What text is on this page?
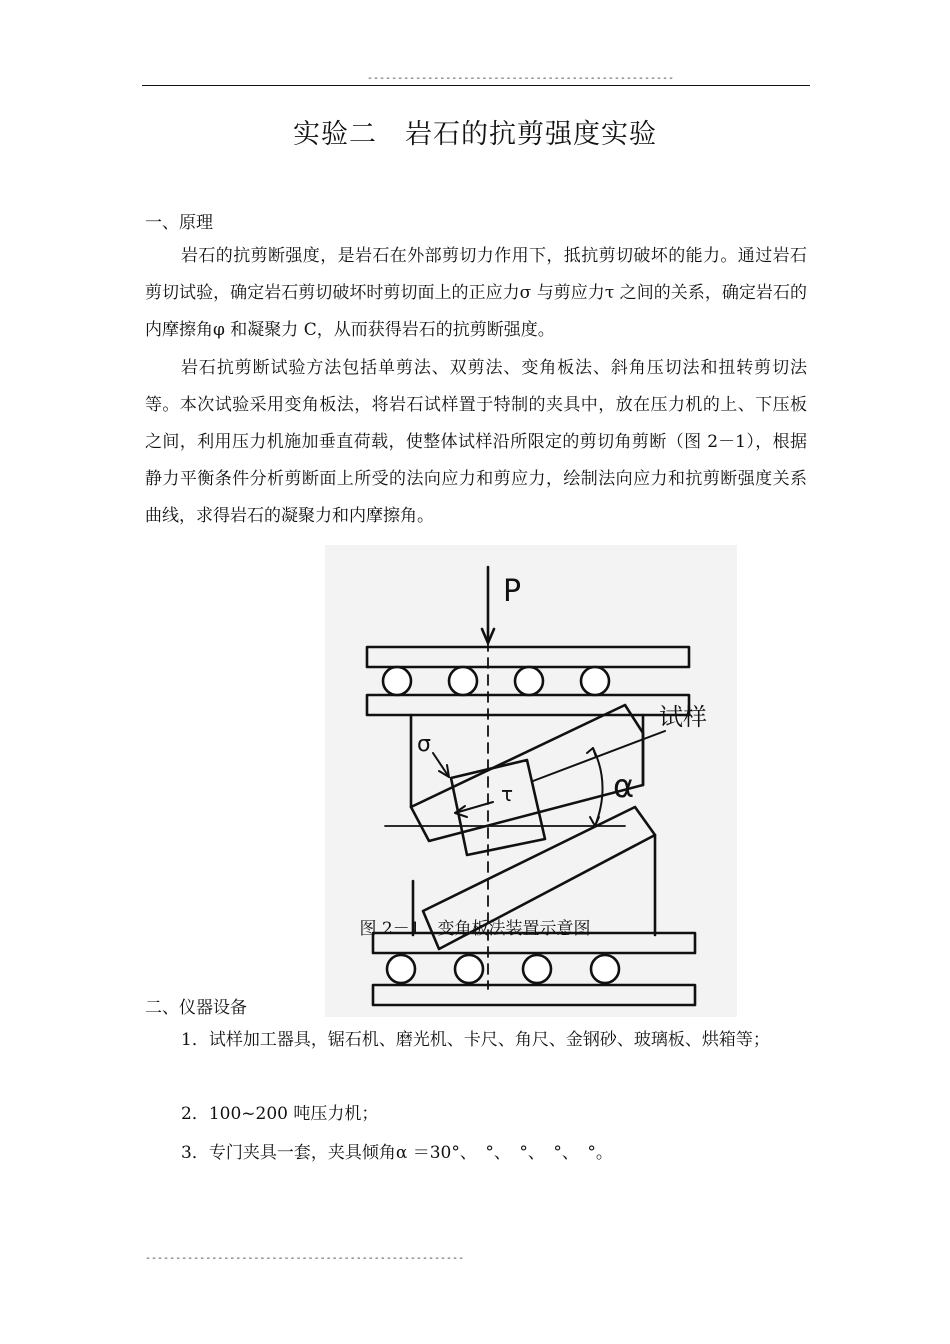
---------------------------------------------------
实验二 岩石的抗剪强度实验
一、原理

岩石的抗剪断强度，是岩石在外部剪切力作用下，抵抗剪切破坏的能力。通过岩石剪切试验，确定岩石剪切破坏时剪切面上的正应力σ 与剪应力τ 之间的关系，确定岩石的内摩擦角φ 和凝聚力 C，从而获得岩石的抗剪断强度。

岩石抗剪断试验方法包括单剪法、双剪法、变角板法、斜角压切法和扭转剪切法等。本次试验采用变角板法，将岩石试样置于特制的夹具中，放在压力机的上、下压板之间，利用压力机施加垂直荷载，使整体试样沿所限定的剪切角剪断（图 2－1），根据静力平衡条件分析剪断面上所受的法向应力和剪应力，绘制法向应力和抗剪断强度关系曲线，求得岩石的凝聚力和内摩擦角。

P
试样
σ
τ	α
图 2－1　变角板法装置示意图
二、仪器设备

1．试样加工器具，锯石机、磨光机、卡尺、角尺、金钢砂、玻璃板、烘箱等；

2．100~200 吨压力机；

3．专门夹具一套，夹具倾角α ＝30°、　°、　°、　°、　°。

-----------------------------------------------------
